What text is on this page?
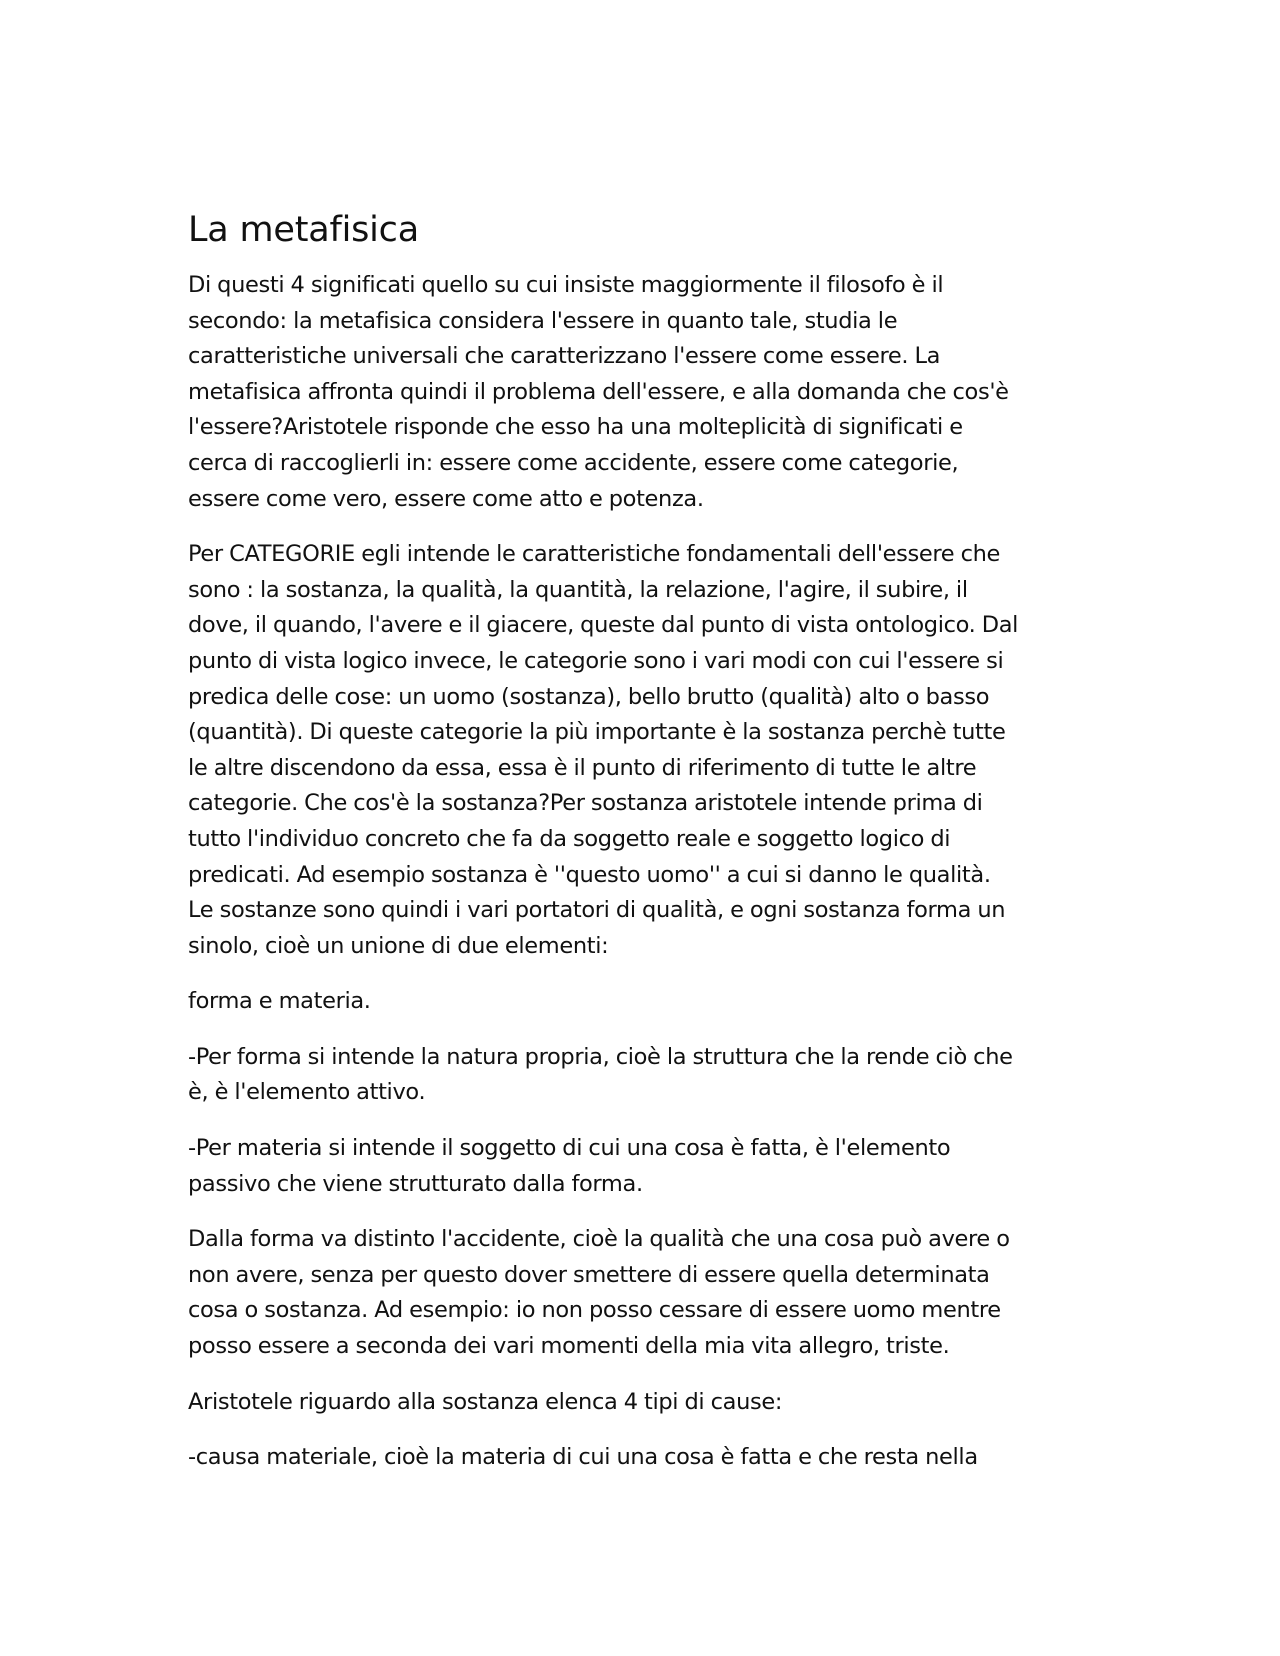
La metafisica

Di questi 4 significati quello su cui insiste maggiormente il filosofo è il
secondo: la metafisica considera l'essere in quanto tale, studia le
caratteristiche universali che caratterizzano l'essere come essere. La
metafisica affronta quindi il problema dell'essere, e alla domanda che cos'è
l'essere?Aristotele risponde che esso ha una molteplicità di significati e
cerca di raccoglierli in: essere come accidente, essere come categorie,
essere come vero, essere come atto e potenza.

Per CATEGORIE egli intende le caratteristiche fondamentali dell'essere che
sono : la sostanza, la qualità, la quantità, la relazione, l'agire, il subire, il
dove, il quando, l'avere e il giacere, queste dal punto di vista ontologico. Dal
punto di vista logico invece, le categorie sono i vari modi con cui l'essere si
predica delle cose: un uomo (sostanza), bello brutto (qualità) alto o basso
(quantità). Di queste categorie la più importante è la sostanza perchè tutte
le altre discendono da essa, essa è il punto di riferimento di tutte le altre
categorie. Che cos'è la sostanza?Per sostanza aristotele intende prima di
tutto l'individuo concreto che fa da soggetto reale e soggetto logico di
predicati. Ad esempio sostanza è ''questo uomo'' a cui si danno le qualità.
Le sostanze sono quindi i vari portatori di qualità, e ogni sostanza forma un
sinolo, cioè un unione di due elementi:

forma e materia.

-Per forma si intende la natura propria, cioè la struttura che la rende ciò che
è, è l'elemento attivo.

-Per materia si intende il soggetto di cui una cosa è fatta, è l'elemento
passivo che viene strutturato dalla forma.

Dalla forma va distinto l'accidente, cioè la qualità che una cosa può avere o
non avere, senza per questo dover smettere di essere quella determinata
cosa o sostanza. Ad esempio: io non posso cessare di essere uomo mentre
posso essere a seconda dei vari momenti della mia vita allegro, triste.

Aristotele riguardo alla sostanza elenca 4 tipi di cause:

-causa materiale, cioè la materia di cui una cosa è fatta e che resta nella
